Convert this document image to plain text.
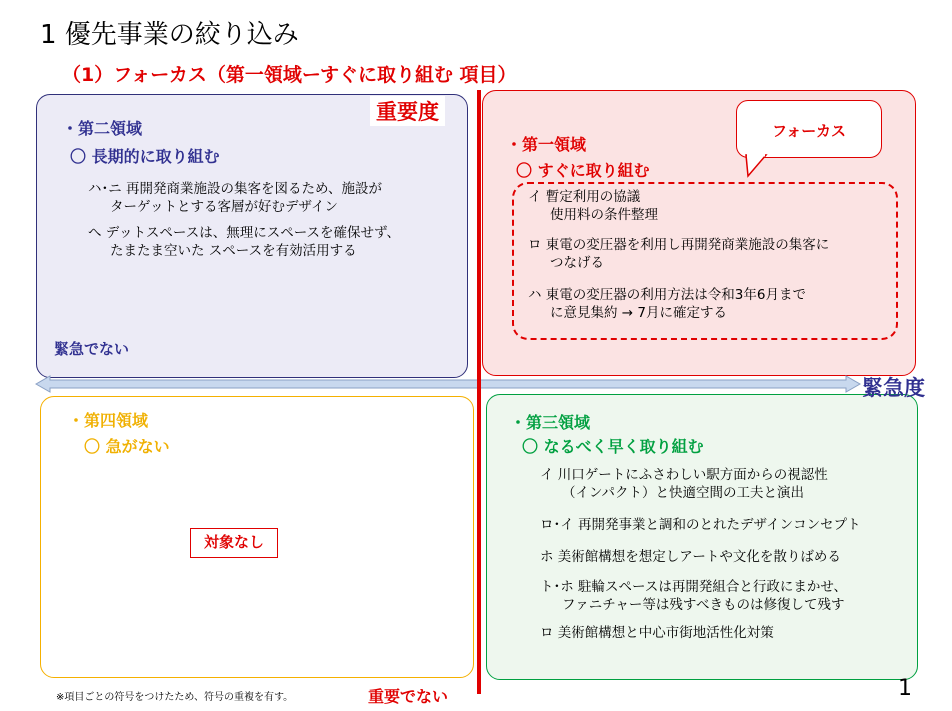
1 優先事業の絞り込み
（1）フォーカス（第一領域ーすぐに取り組む 項目）
重要度
緊急度
・第二領域
〇 長期的に取り組む
ハ･ニ 再開発商業施設の集客を図るため、施設が
ターゲットとする客層が好むデザイン
へ デットスペースは、無理にスペースを確保せず、
たまたま空いた スペースを有効活用する
緊急でない
フォーカス
・第一領域
〇 すぐに取り組む
イ 暫定利用の協議
使用料の条件整理
ロ 東電の変圧器を利用し再開発商業施設の集客に
つなげる
ハ 東電の変圧器の利用方法は令和3年6月まで
に意見集約 → 7月に確定する
・第四領域
〇 急がない
対象なし
・第三領域
〇 なるべく早く取り組む
イ 川口ゲートにふさわしい駅方面からの視認性
（インパクト）と快適空間の工夫と演出
ロ･イ 再開発事業と調和のとれたデザインコンセプト
ホ 美術館構想を想定しアートや文化を散りばめる
ト･ホ 駐輪スペースは再開発組合と行政にまかせ、
ファニチャー等は残すべきものは修復して残す
ロ 美術館構想と中心市街地活性化対策
※項目ごとの符号をつけたため、符号の重複を有す。	重要でない	1
